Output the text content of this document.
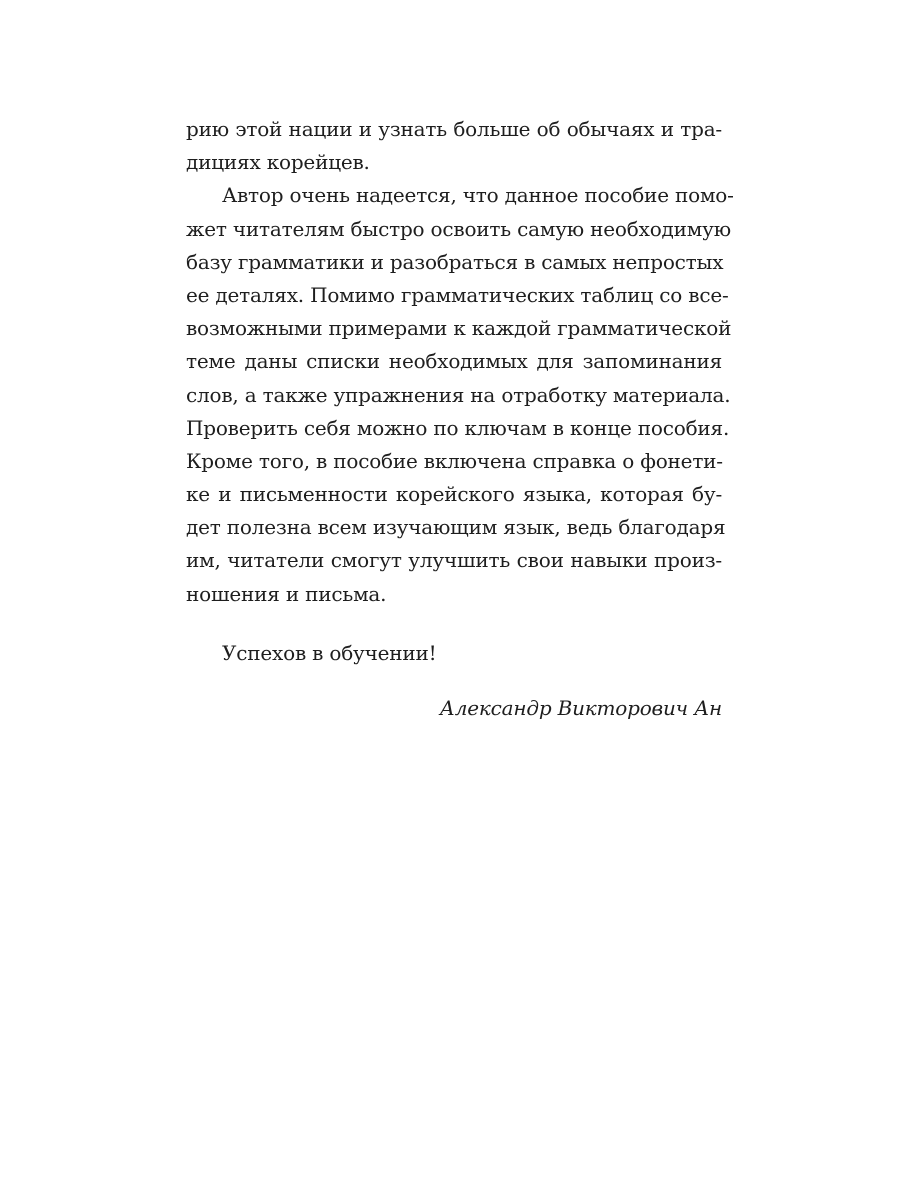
рию этой нации и узнать больше об обычаях и тра-
дициях корейцев.
Автор очень надеется, что данное пособие помо-
жет читателям быстро освоить самую необходимую
базу грамматики и разобраться в самых непростых
ее деталях. Помимо грамматических таблиц со все-
возможными примерами к каждой грамматической
теме даны списки необходимых для запоминания
слов, а также упражнения на отработку материала.
Проверить себя можно по ключам в конце пособия.
Кроме того, в пособие включена справка о фонети-
ке и письменности корейского языка, которая бу-
дет полезна всем изучающим язык, ведь благодаря
им, читатели смогут улучшить свои навыки произ-
ношения и письма.
Успехов в обучении!
Александр Викторович Ан
